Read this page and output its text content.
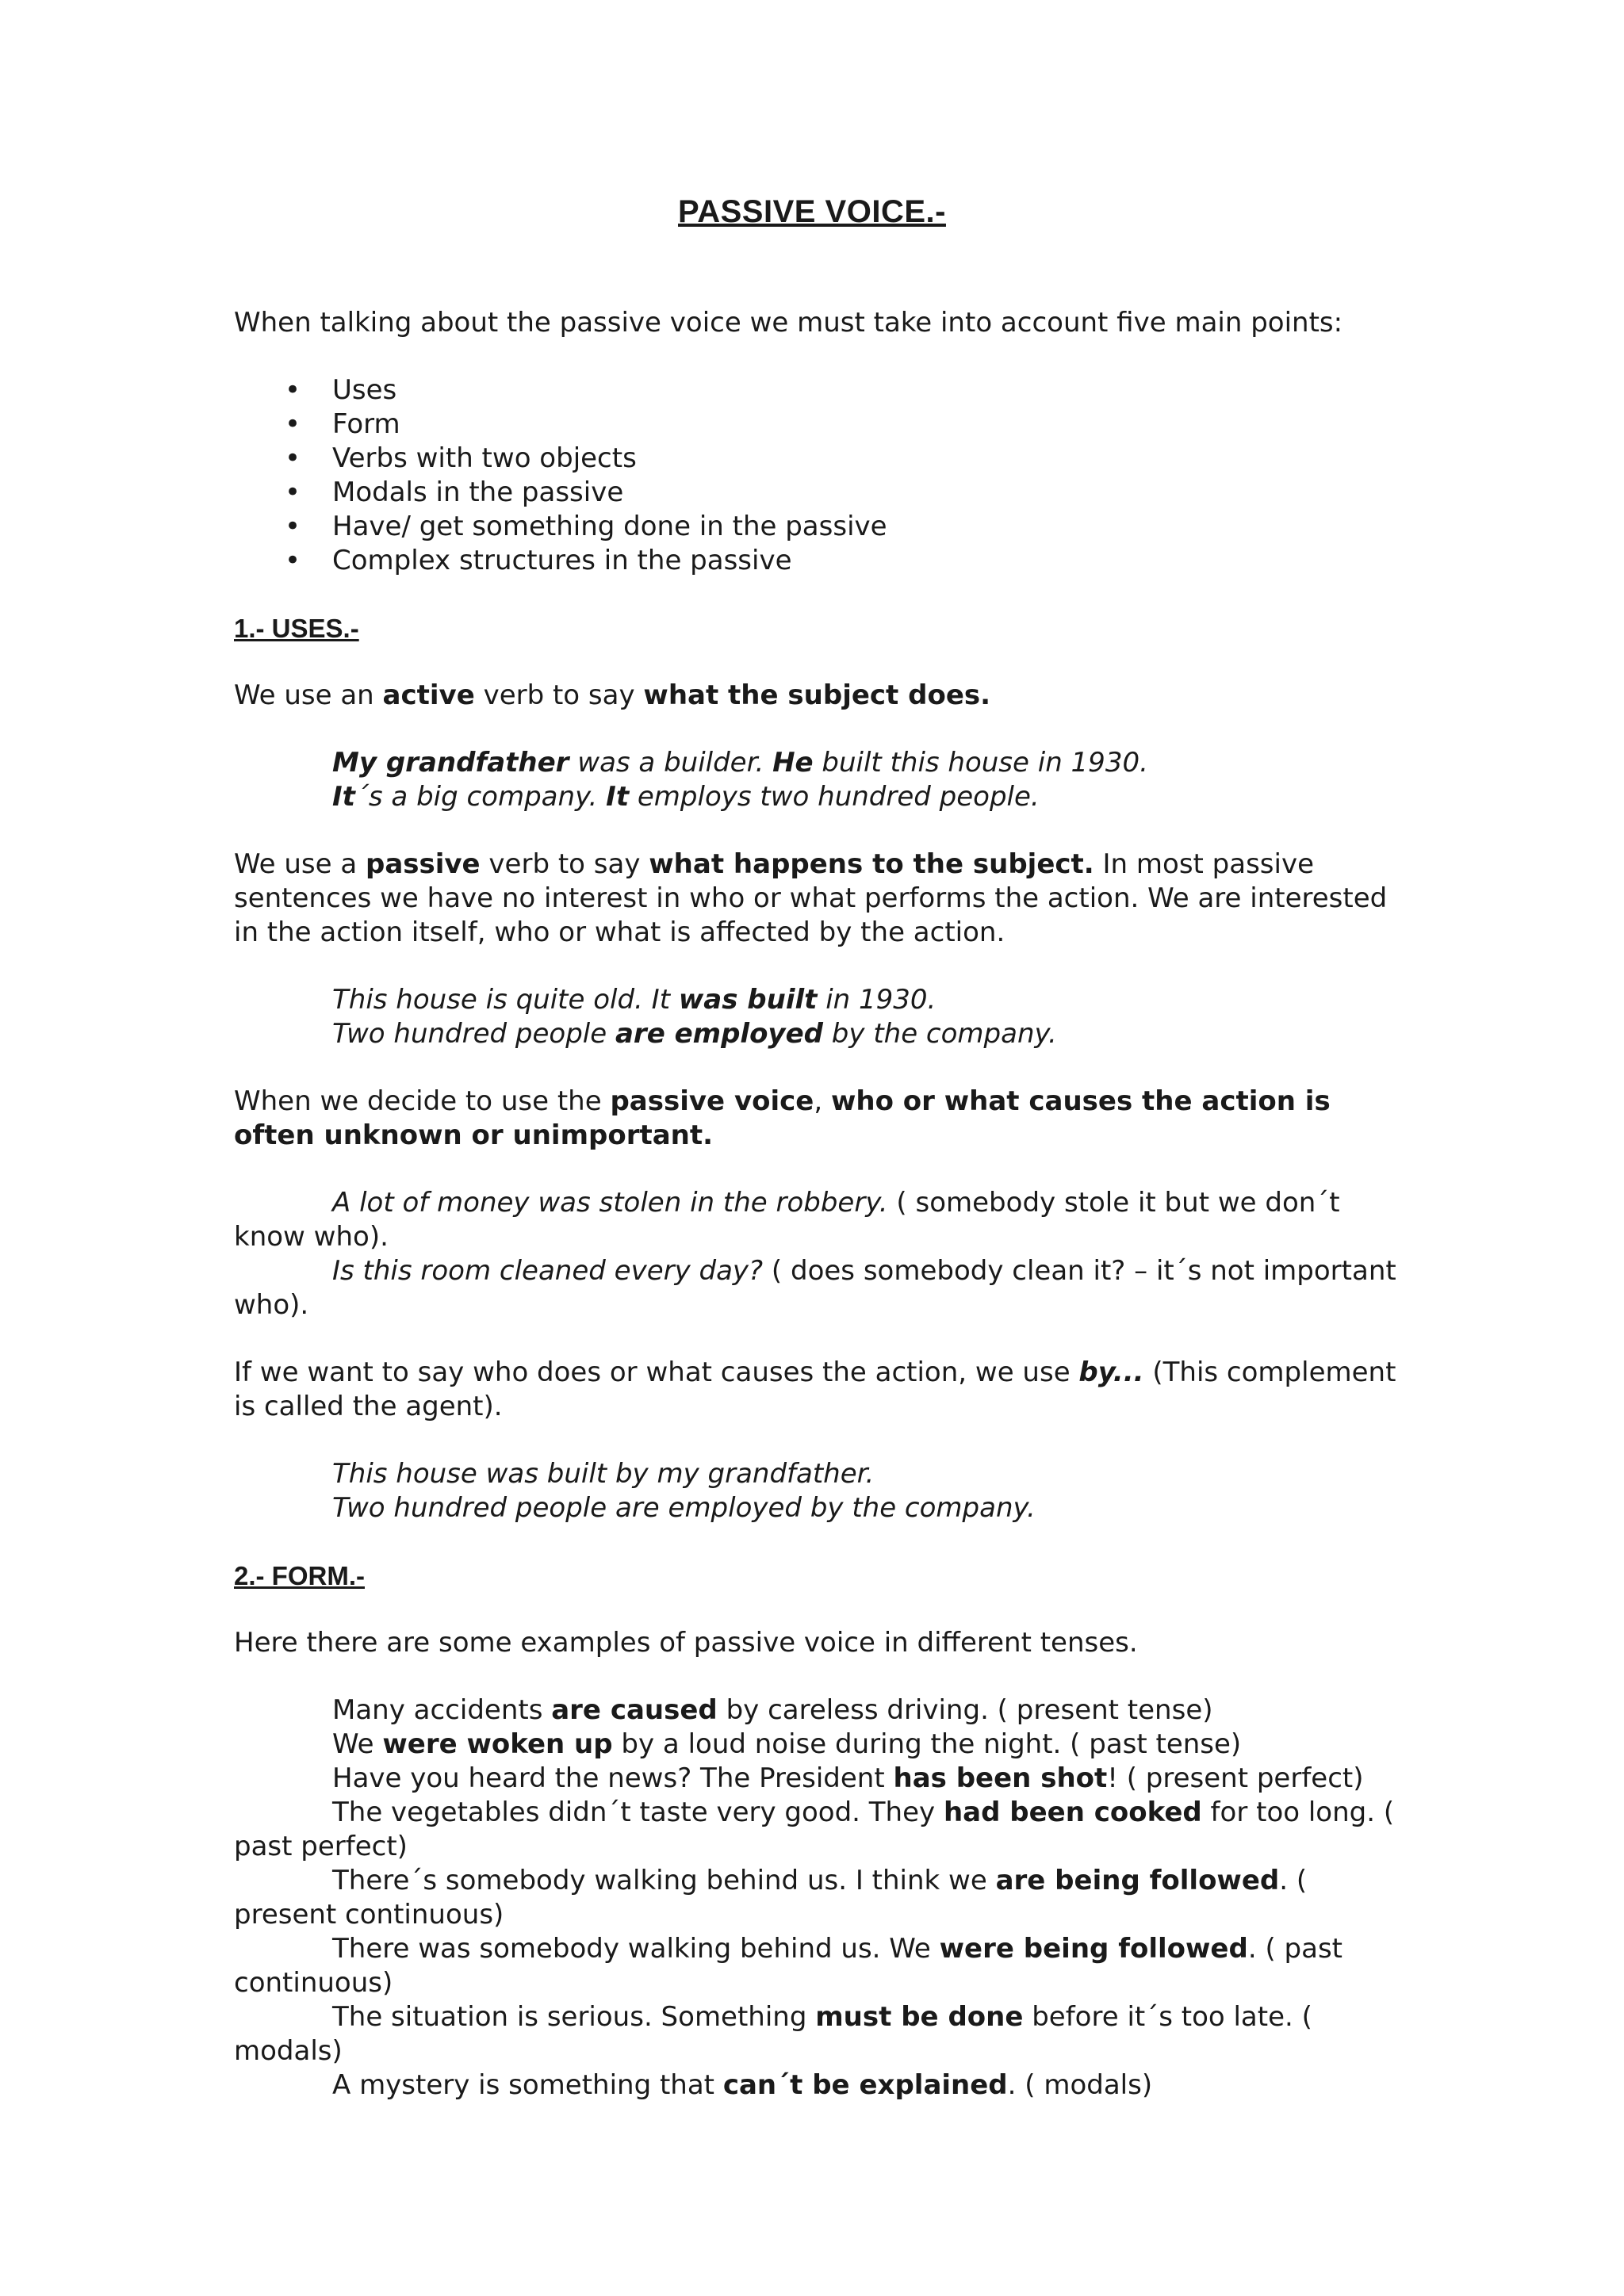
PASSIVE VOICE.-

When talking about the passive voice we must take into account five main points:

• Uses
• Form
• Verbs with two objects
• Modals in the passive
• Have/ get something done in the passive
• Complex structures in the passive
1.- USES.-

We use an active verb to say what the subject does.

My grandfather was a builder. He built this house in 1930.

It´s a big company. It employs two hundred people.

We use a passive verb to say what happens to the subject. In most passive sentences we have no interest in who or what performs the action. We are interested in the action itself, who or what is affected by the action.

This house is quite old. It was built in 1930.

Two hundred people are employed by the company.

When we decide to use the passive voice, who or what causes the action is often unknown or unimportant.

A lot of money was stolen in the robbery. ( somebody stole it but we don´t know who).

Is this room cleaned every day? ( does somebody clean it? – it´s not important who).

If we want to say who does or what causes the action, we use by... (This complement is called the agent).

This house was built by my grandfather.

Two hundred people are employed by the company.

2.- FORM.-

Here there are some examples of passive voice in different tenses.

Many accidents are caused by careless driving. ( present tense)

We were woken up by a loud noise during the night. ( past tense)

Have you heard the news? The President has been shot! ( present perfect)

The vegetables didn´t taste very good. They had been cooked for too long. ( past perfect)

There´s somebody walking behind us. I think we are being followed. ( present continuous)

There was somebody walking behind us. We were being followed. ( past continuous)

The situation is serious. Something must be done before it´s too late. ( modals)

A mystery is something that can´t be explained. ( modals)
